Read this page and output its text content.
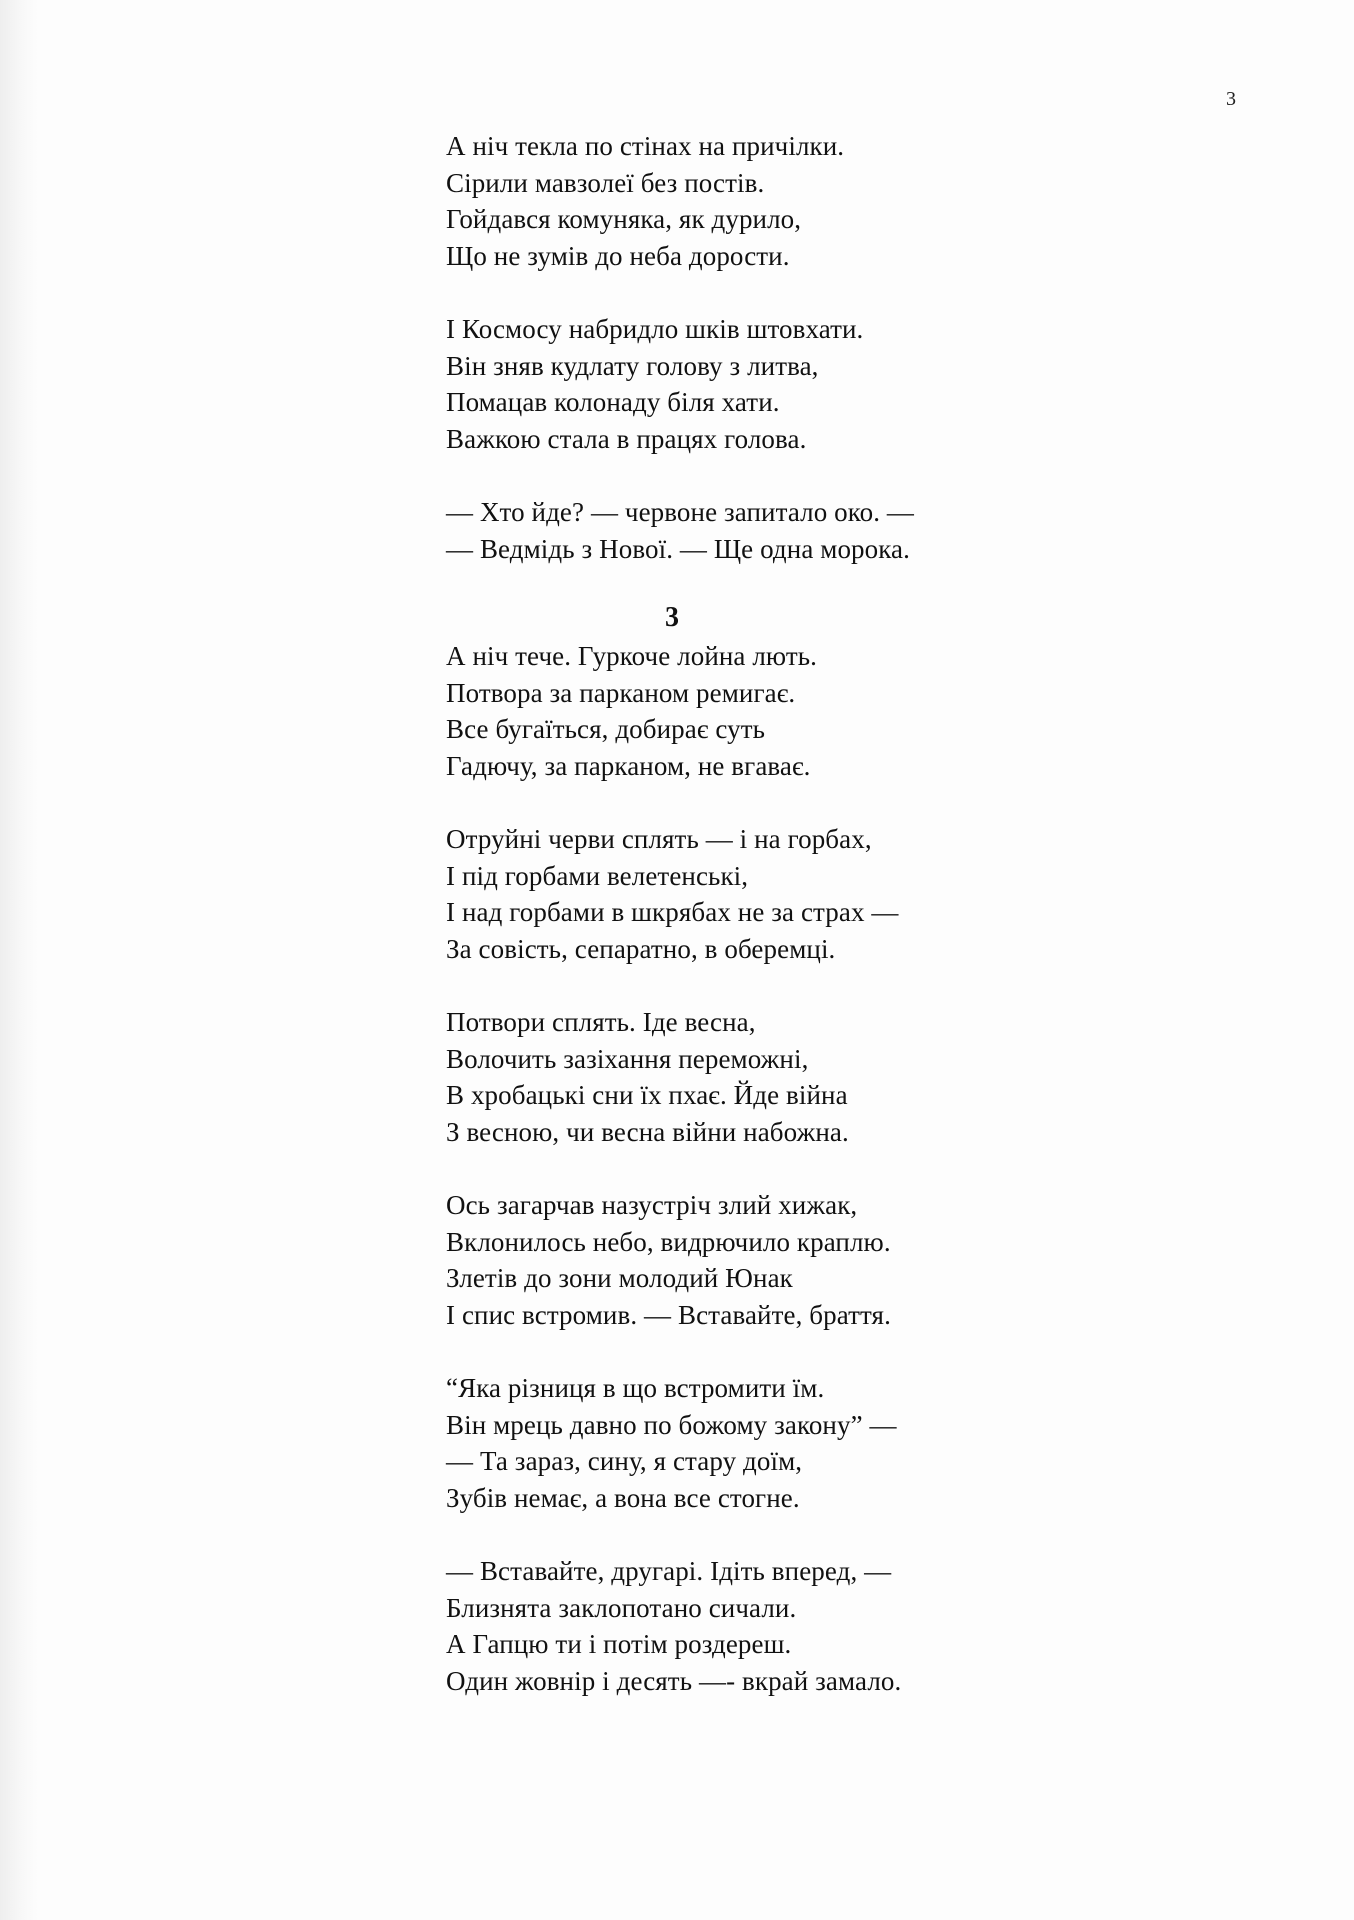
3
А ніч текла по стінах на причілки.
Сірили мавзолеї без постів.
Гойдався комуняка, як дурило,
Що не зумів до неба дорости.
І Космосу набридло шків штовхати.
Він зняв кудлату голову з литва,
Помацав колонаду біля хати.
Важкою стала в працях голова.
— Хто йде? — червоне запитало око. —
— Ведмідь з Нової. — Ще одна морока.
3
А ніч тече. Гуркоче лойна лють.
Потвора за парканом ремигає.
Все бугаїться, добирає суть
Гадючу, за парканом, не вгаває.
Отруйні черви сплять — і на горбах,
І під горбами велетенські,
І над горбами в шкрябах не за страх —
За совість, сепаратно, в оберемці.
Потвори сплять. Іде весна,
Волочить зазіхання переможні,
В хробацькі сни їх пхає. Йде війна
З весною, чи весна війни набожна.
Ось загарчав назустріч злий хижак,
Вклонилось небо, видрючило краплю.
Злетів до зони молодий Юнак
І спис встромив. — Вставайте, браття.
“Яка різниця в що встромити їм.
Він мрець давно по божому закону” —
— Та зараз, сину, я стару доїм,
Зубів немає, а вона все стогне.
— Вставайте, другарі. Ідіть вперед, —
Близнята заклопотано сичали.
А Гапцю ти і потім роздереш.
Один жовнір і десять —- вкрай замало.
